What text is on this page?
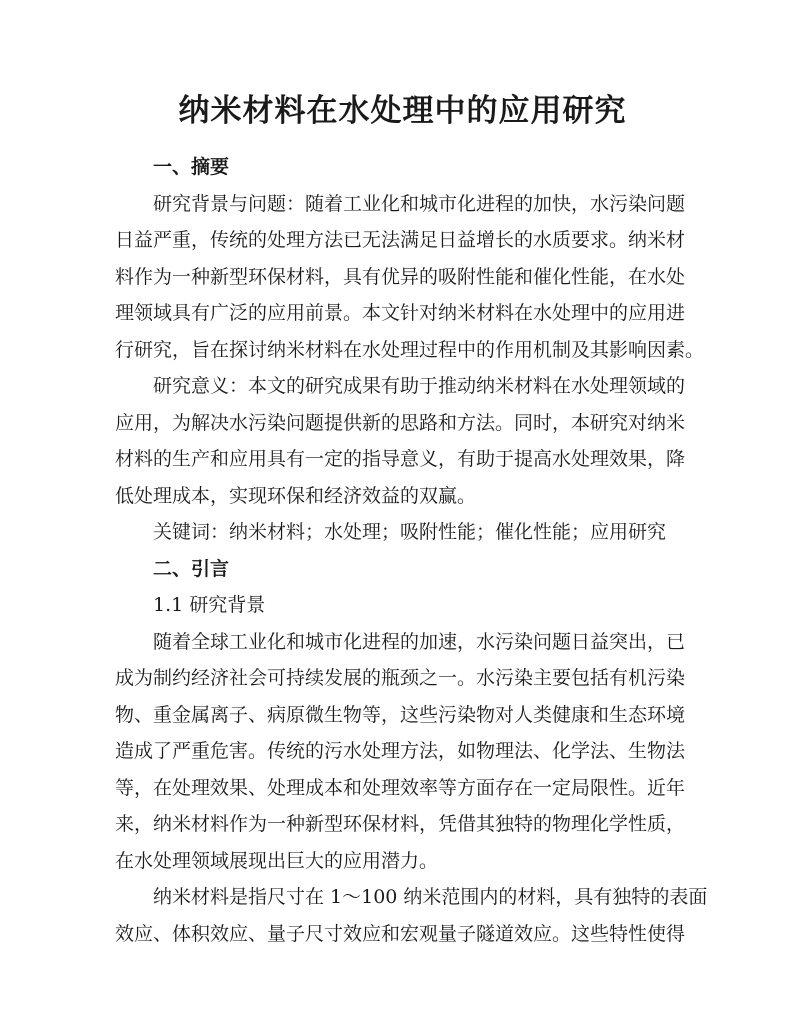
纳米材料在水处理中的应用研究
一、摘要
研究背景与问题：随着工业化和城市化进程的加快，水污染问题
日益严重，传统的处理方法已无法满足日益增长的水质要求。纳米材
料作为一种新型环保材料，具有优异的吸附性能和催化性能，在水处
理领域具有广泛的应用前景。本文针对纳米材料在水处理中的应用进
行研究，旨在探讨纳米材料在水处理过程中的作用机制及其影响因素。
研究意义：本文的研究成果有助于推动纳米材料在水处理领域的
应用，为解决水污染问题提供新的思路和方法。同时，本研究对纳米
材料的生产和应用具有一定的指导意义，有助于提高水处理效果，降
低处理成本，实现环保和经济效益的双赢。
关键词：纳米材料；水处理；吸附性能；催化性能；应用研究
二、引言
1.1 研究背景
随着全球工业化和城市化进程的加速，水污染问题日益突出，已
成为制约经济社会可持续发展的瓶颈之一。水污染主要包括有机污染
物、重金属离子、病原微生物等，这些污染物对人类健康和生态环境
造成了严重危害。传统的污水处理方法，如物理法、化学法、生物法
等，在处理效果、处理成本和处理效率等方面存在一定局限性。近年
来，纳米材料作为一种新型环保材料，凭借其独特的物理化学性质，
在水处理领域展现出巨大的应用潜力。
纳米材料是指尺寸在 1～100 纳米范围内的材料，具有独特的表面
效应、体积效应、量子尺寸效应和宏观量子隧道效应。这些特性使得
